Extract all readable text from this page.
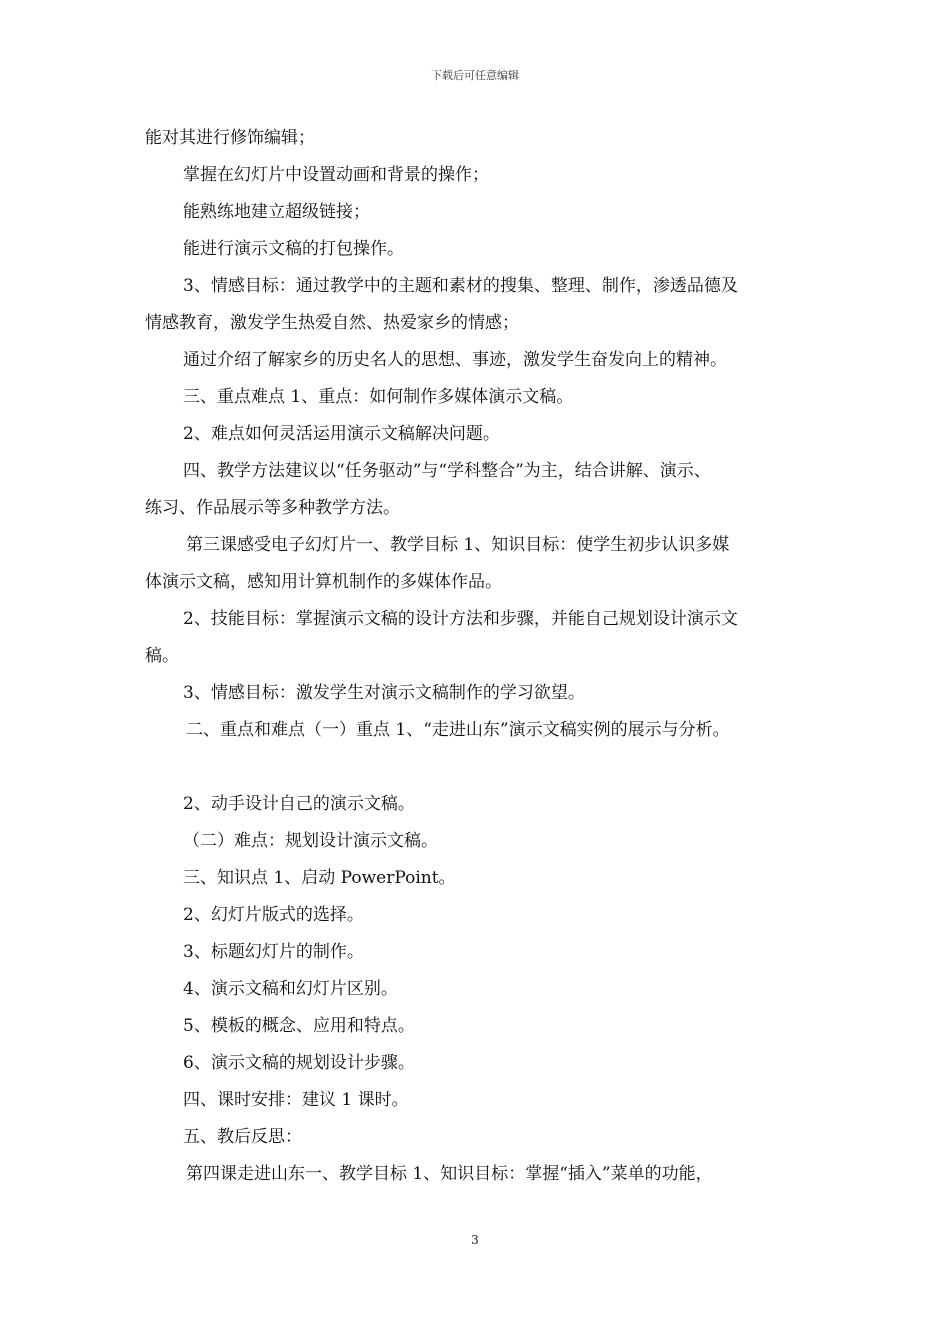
下载后可任意编辑
能对其进行修饰编辑；
掌握在幻灯片中设置动画和背景的操作；
能熟练地建立超级链接；
能进行演示文稿的打包操作。
3、情感目标：通过教学中的主题和素材的搜集、整理、制作，渗透品德及
情感教育，激发学生热爱自然、热爱家乡的情感；
通过介绍了解家乡的历史名人的思想、事迹，激发学生奋发向上的精神。
三、重点难点 1、重点：如何制作多媒体演示文稿。
2、难点如何灵活运用演示文稿解决问题。
四、教学方法建议以“任务驱动”与“学科整合”为主，结合讲解、演示、
练习、作品展示等多种教学方法。
第三课感受电子幻灯片一、教学目标 1、知识目标：使学生初步认识多媒
体演示文稿，感知用计算机制作的多媒体作品。
2、技能目标：掌握演示文稿的设计方法和步骤，并能自己规划设计演示文
稿。
3、情感目标：激发学生对演示文稿制作的学习欲望。
二、重点和难点（一）重点 1、“走进山东”演示文稿实例的展示与分析。
2、动手设计自己的演示文稿。
（二）难点：规划设计演示文稿。
三、知识点 1、启动 PowerPoint。
2、幻灯片版式的选择。
3、标题幻灯片的制作。
4、演示文稿和幻灯片区别。
5、模板的概念、应用和特点。
6、演示文稿的规划设计步骤。
四、课时安排：建议 1 课时。
五、教后反思：
第四课走进山东一、教学目标 1、知识目标：掌握“插入”菜单的功能，
3
